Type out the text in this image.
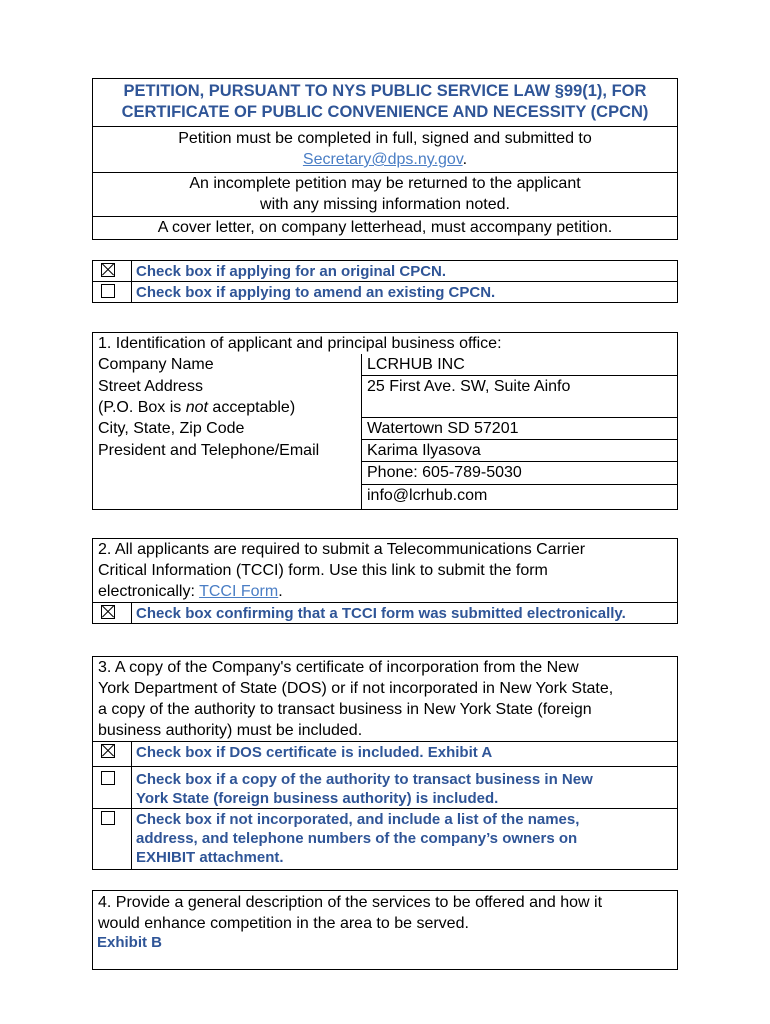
PETITION, PURSUANT TO NYS PUBLIC SERVICE LAW §99(1), FOR
CERTIFICATE OF PUBLIC CONVENIENCE AND NECESSITY (CPCN)
Petition must be completed in full, signed and submitted to
Secretary@dps.ny.gov.
An incomplete petition may be returned to the applicant
with any missing information noted.
A cover letter, on company letterhead, must accompany petition.
Check box if applying for an original CPCN.
Check box if applying to amend an existing CPCN.
1. Identification of applicant and principal business office:
Company Name	LCRHUB INC
Street Address
(P.O. Box is not acceptable)	25 First Ave. SW, Suite Ainfo
City, State, Zip Code	Watertown SD 57201
President and Telephone/Email	Karima Ilyasova
	Phone: 605-789-5030
	info@lcrhub.com
2. All applicants are required to submit a Telecommunications Carrier
Critical Information (TCCI) form. Use this link to submit the form
electronically: TCCI Form.
Check box confirming that a TCCI form was submitted electronically.
3. A copy of the Company's certificate of incorporation from the New
York Department of State (DOS) or if not incorporated in New York State,
a copy of the authority to transact business in New York State (foreign
business authority) must be included.
Check box if DOS certificate is included. Exhibit A
Check box if a copy of the authority to transact business in New
York State (foreign business authority) is included.
Check box if not incorporated, and include a list of the names,
address, and telephone numbers of the company’s owners on
EXHIBIT attachment.
4. Provide a general description of the services to be offered and how it
would enhance competition in the area to be served.
Exhibit B
